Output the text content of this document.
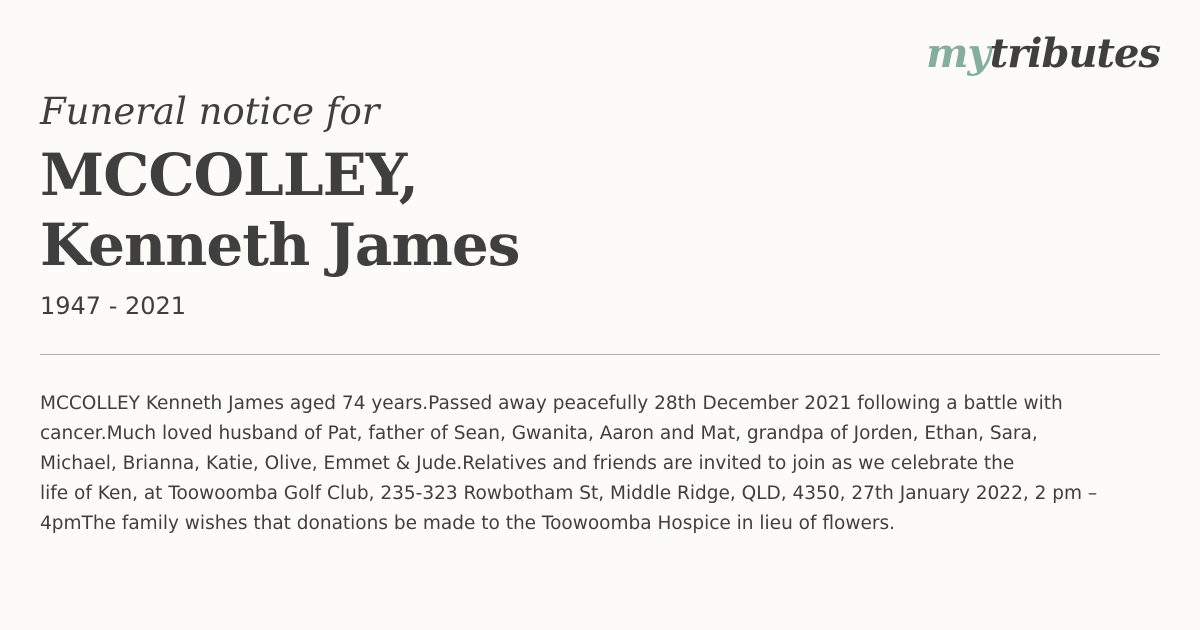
mytributes
Funeral notice for
MCCOLLEY,
Kenneth James
1947 - 2021
MCCOLLEY Kenneth James aged 74 years.Passed away peacefully 28th December 2021 following a battle with
cancer.Much loved husband of Pat, father of Sean, Gwanita, Aaron and Mat, grandpa of Jorden, Ethan, Sara,
Michael, Brianna, Katie, Olive, Emmet & Jude.Relatives and friends are invited to join as we celebrate the
life of Ken, at Toowoomba Golf Club, 235-323 Rowbotham St, Middle Ridge, QLD, 4350, 27th January 2022, 2 pm –
4pmThe family wishes that donations be made to the Toowoomba Hospice in lieu of flowers.
